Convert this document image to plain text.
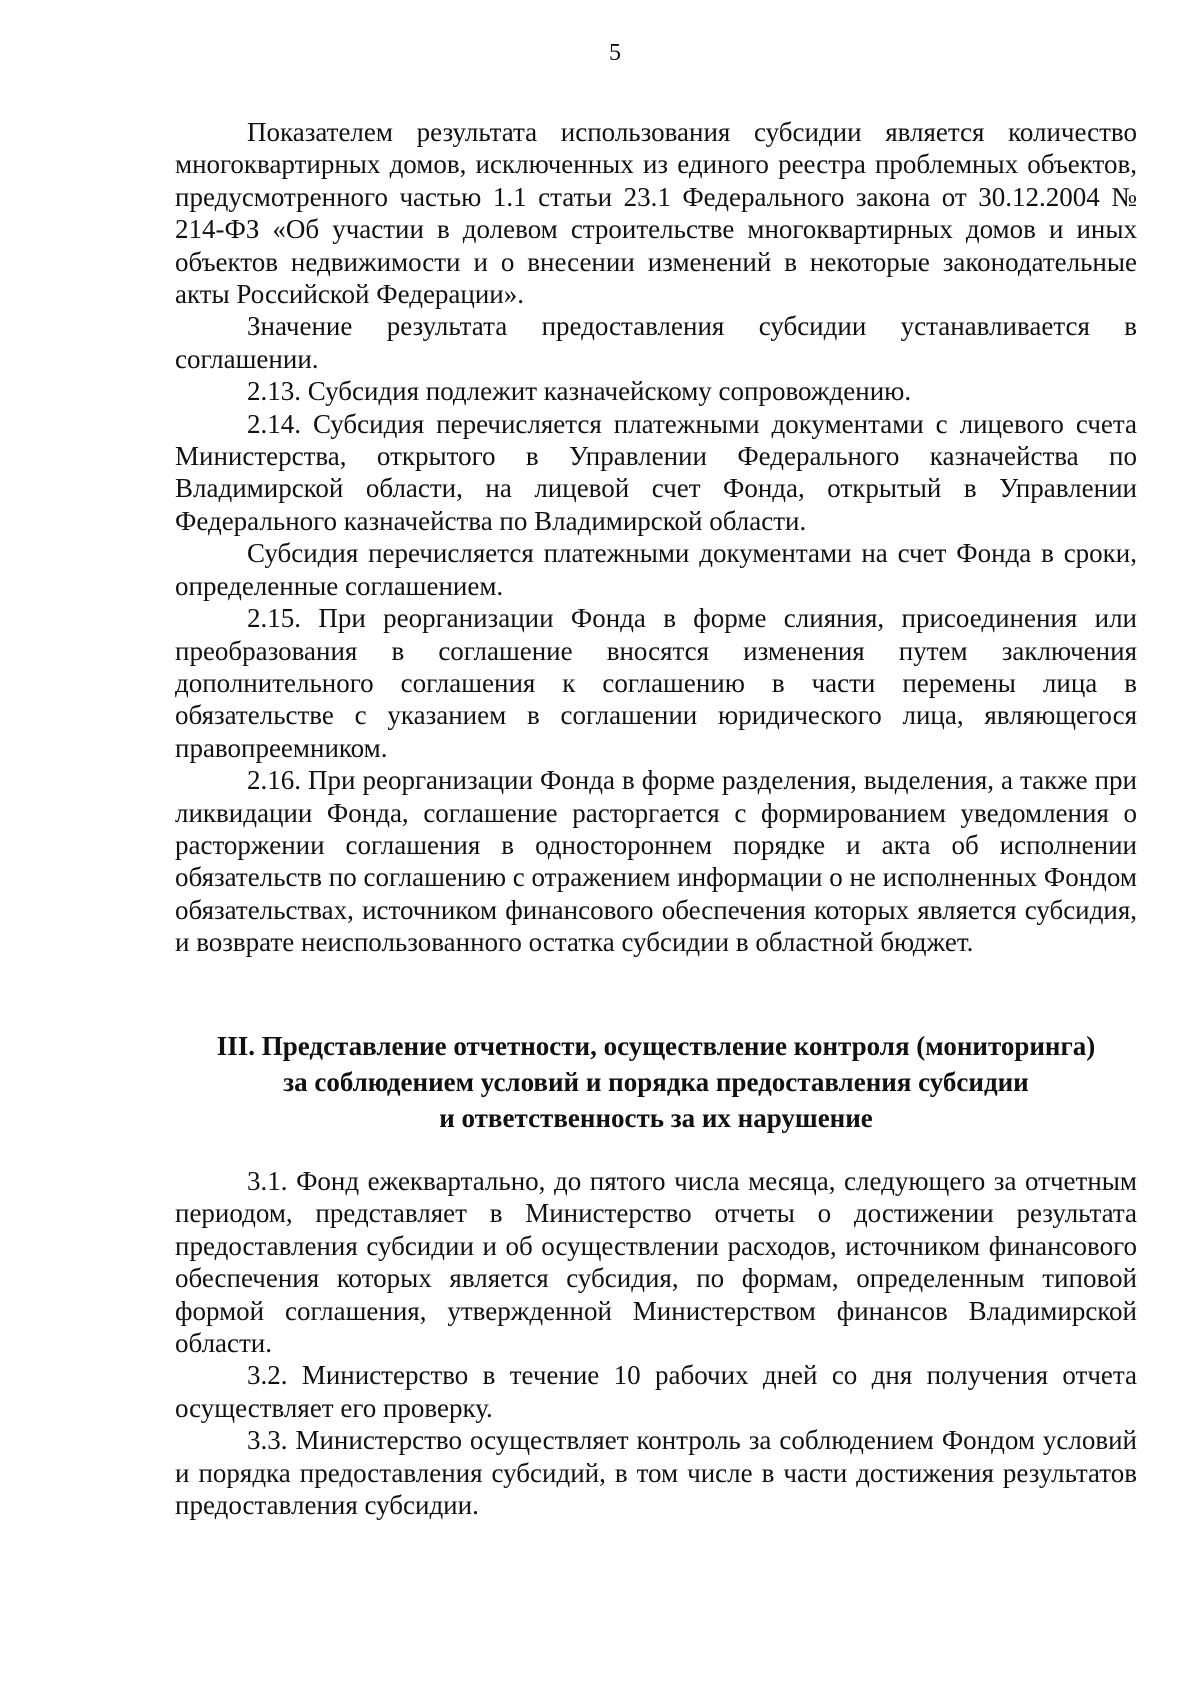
5

Показателем результата использования субсидии является количество многоквартирных домов, исключенных из единого реестра проблемных объектов, предусмотренного частью 1.1 статьи 23.1 Федерального закона от 30.12.2004 № 214-ФЗ «Об участии в долевом строительстве многоквартирных домов и иных объектов недвижимости и о внесении изменений в некоторые законодательные акты Российской Федерации».

Значение результата предоставления субсидии устанавливается в соглашении.

2.13. Субсидия подлежит казначейскому сопровождению.

2.14. Субсидия перечисляется платежными документами с лицевого счета Министерства, открытого в Управлении Федерального казначейства по Владимирской области, на лицевой счет Фонда, открытый в Управлении Федерального казначейства по Владимирской области.

Субсидия перечисляется платежными документами на счет Фонда в сроки, определенные соглашением.

2.15. При реорганизации Фонда в форме слияния, присоединения или преобразования в соглашение вносятся изменения путем заключения дополнительного соглашения к соглашению в части перемены лица в обязательстве с указанием в соглашении юридического лица, являющегося правопреемником.

2.16. При реорганизации Фонда в форме разделения, выделения, а также при ликвидации Фонда, соглашение расторгается с формированием уведомления о расторжении соглашения в одностороннем порядке и акта об исполнении обязательств по соглашению с отражением информации о не исполненных Фондом обязательствах, источником финансового обеспечения которых является субсидия, и возврате неиспользованного остатка субсидии в областной бюджет.

III. Представление отчетности, осуществление контроля (мониторинга)
за соблюдением условий и порядка предоставления субсидии
и ответственность за их нарушение

3.1. Фонд ежеквартально, до пятого числа месяца, следующего за отчетным периодом, представляет в Министерство отчеты о достижении результата предоставления субсидии и об осуществлении расходов, источником финансового обеспечения которых является субсидия, по формам, определенным типовой формой соглашения, утвержденной Министерством финансов Владимирской области.

3.2. Министерство в течение 10 рабочих дней со дня получения отчета осуществляет его проверку.

3.3. Министерство осуществляет контроль за соблюдением Фондом условий и порядка предоставления субсидий, в том числе в части достижения результатов предоставления субсидии.
